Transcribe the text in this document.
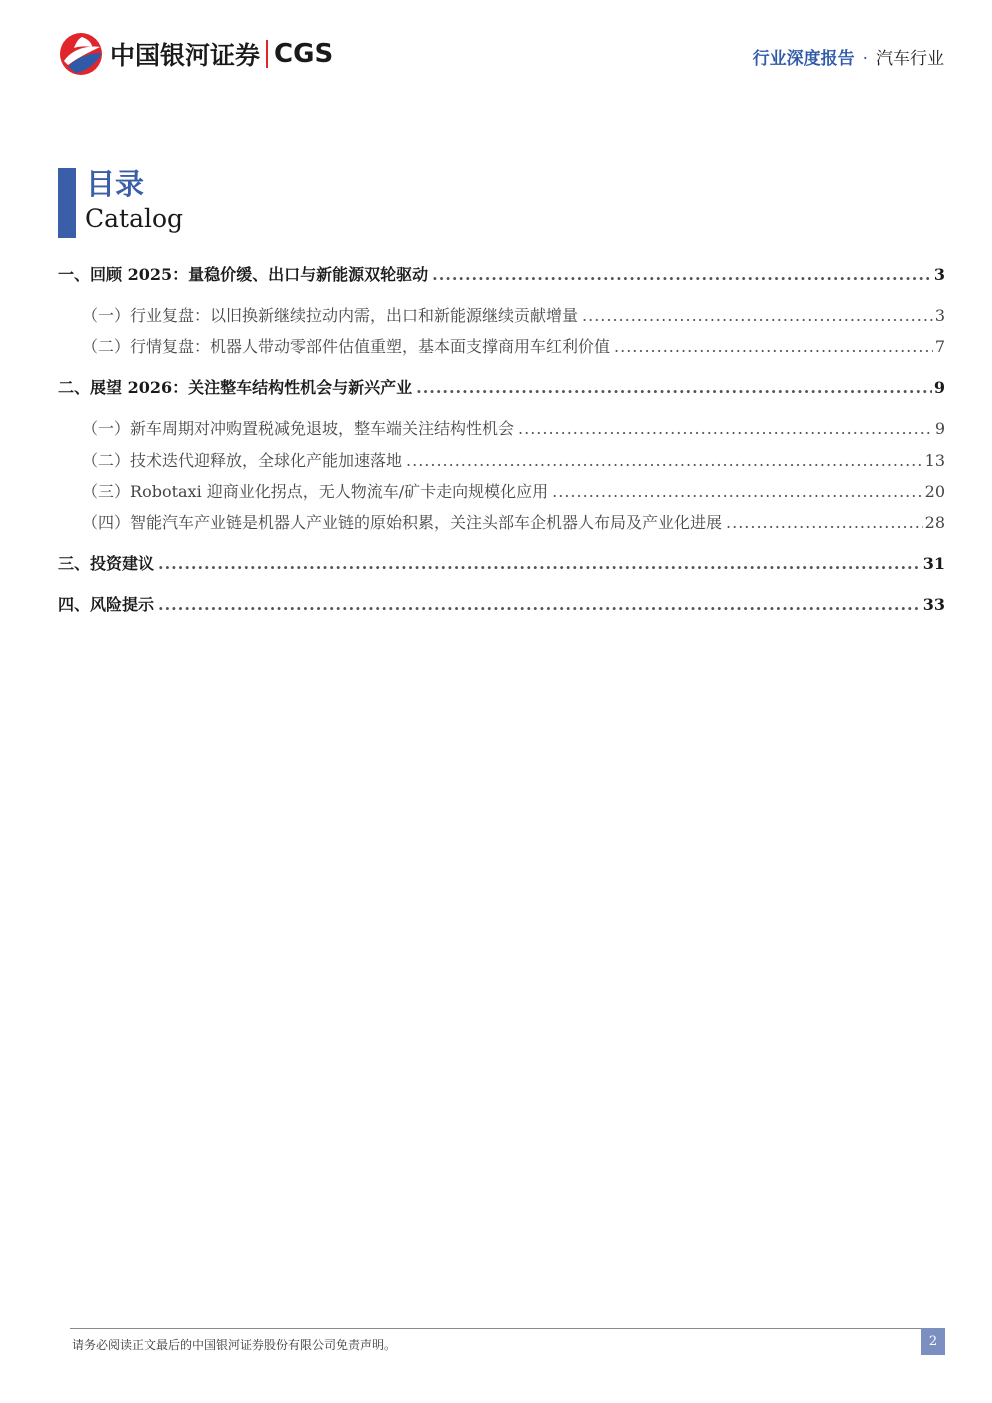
中国银河证券 CGS	行业深度报告 · 汽车行业
目录
Catalog
一、 回顾 2025：量稳价缓、出口与新能源双轮驱动 .....	3
（一） 行业复盘：以旧换新继续拉动内需，出口和新能源继续贡献增量 .....	3
（二） 行情复盘：机器人带动零部件估值重塑，基本面支撑商用车红利价值 .....	7
二、 展望 2026：关注整车结构性机会与新兴产业 .....	9
（一） 新车周期对冲购置税减免退坡，整车端关注结构性机会 .....	9
（二） 技术迭代迎释放，全球化产能加速落地 .....	13
（三） Robotaxi 迎商业化拐点，无人物流车/矿卡走向规模化应用 .....	20
（四） 智能汽车产业链是机器人产业链的原始积累，关注头部车企机器人布局及产业化进展 .....	28
三、 投资建议 .....	31
四、 风险提示 .....	33
请务必阅读正文最后的中国银河证券股份有限公司免责声明。	2
